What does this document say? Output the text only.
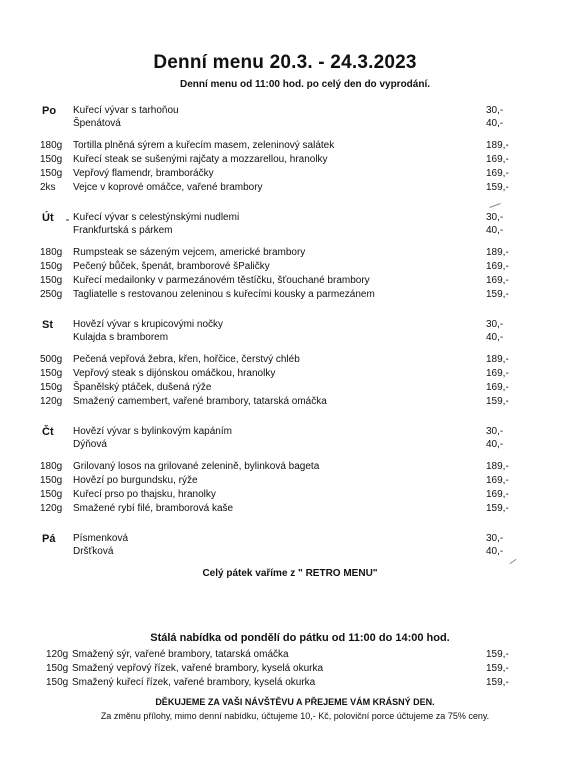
Denní menu 20.3. - 24.3.2023
Denní menu od 11:00 hod. po celý den do vyprodání.
Po Kuřecí vývar s tarhoňou	30,-
Špenátová	40,-
180g Tortilla plněná sýrem a kuřecím masem, zeleninový salátek	189,-
150g Kuřecí steak se sušenými rajčaty a mozzarellou, hranolky	169,-
150g Vepřový flamendr, bramboráčky	169,-
2ks Vejce v koprové omáčce, vařené brambory	159,-
Út Kuřecí vývar s celestýnskými nudlemi	30,-
Frankfurtská s párkem	40,-
180g Rumpsteak se sázeným vejcem, americké brambory	189,-
150g Pečený bůček, špenát, bramborové šPaličky	169,-
150g Kuřecí medailonky v parmezánovém těstíčku, šťouchané brambory	169,-
250g Tagliatelle s restovanou zeleninou s kuřecími kousky a parmezánem	159,-
St Hovězí vývar s krupicovými nočky	30,-
Kulajda s bramborem	40,-
500g Pečená vepřová žebra, křen, hořčice, čerstvý chléb	189,-
150g Vepřový steak s dijónskou omáčkou, hranolky	169,-
150g Španělský ptáček, dušená rýže	169,-
120g Smažený camembert, vařené brambory, tatarská omáčka	159,-
Čt Hovězí vývar s bylinkovým kapáním	30,-
Dýňová	40,-
180g Grilovaný losos na grilované zelenině, bylinková bageta	189,-
150g Hovězí po burgundsku, rýže	169,-
150g Kuřecí prso po thajsku, hranolky	169,-
120g Smažené rybí filé, bramborová kaše	159,-
Pá Písmenková	30,-
Dršťková	40,-
Celý pátek vaříme z " RETRO MENU"
Stálá nabídka od pondělí do pátku od 11:00 do 14:00 hod.
120g Smažený sýr, vařené brambory, tatarská omáčka	159,-
150g Smažený vepřový řízek, vařené brambory, kyselá okurka	159,-
150g Smažený kuřecí řízek, vařené brambory, kyselá okurka	159,-
DĚKUJEME ZA VAŠI NÁVŠTĚVU A PŘEJEME VÁM KRÁSNÝ DEN.
Za změnu přílohy, mimo denní nabídku, účtujeme 10,- Kč, poloviční porce účtujeme za 75% ceny.
